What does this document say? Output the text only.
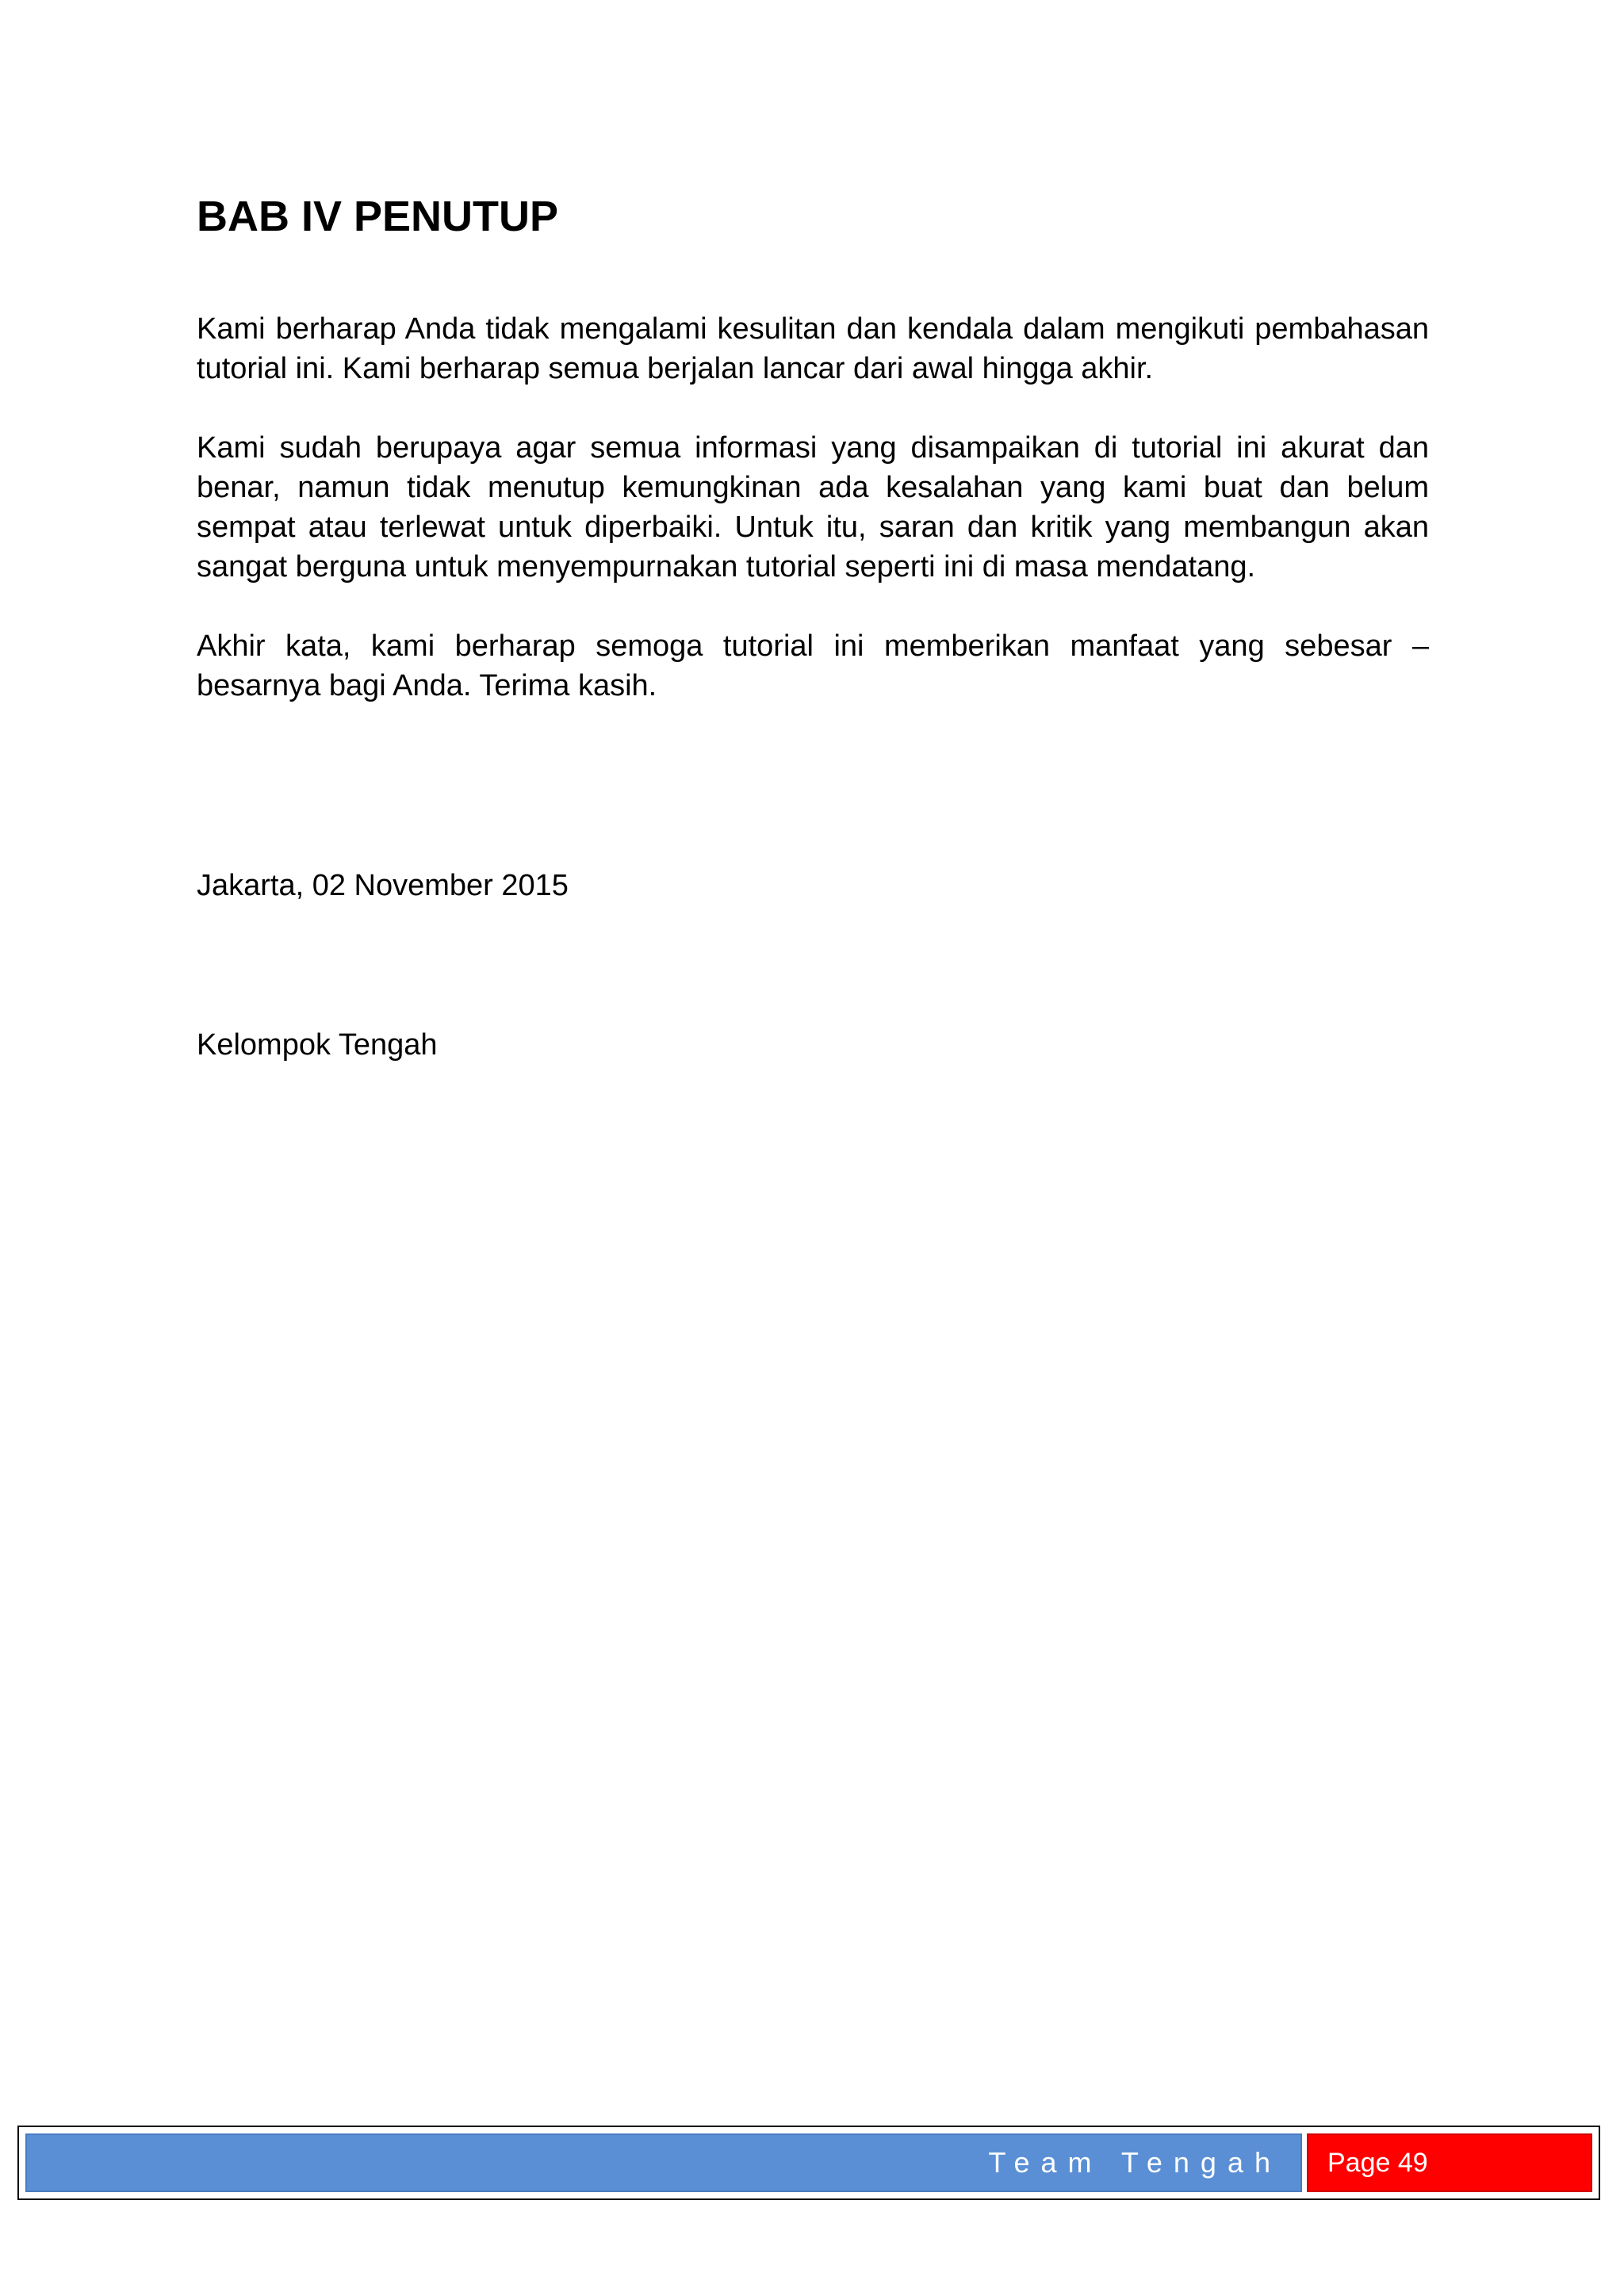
BAB IV PENUTUP

Kami berharap Anda tidak mengalami kesulitan dan kendala dalam mengikuti pembahasan tutorial ini. Kami berharap semua berjalan lancar dari awal hingga akhir.

Kami sudah berupaya agar semua informasi yang disampaikan di tutorial ini akurat dan benar, namun tidak menutup kemungkinan ada kesalahan yang kami buat dan belum sempat atau terlewat untuk diperbaiki. Untuk itu, saran dan kritik yang membangun akan sangat berguna untuk menyempurnakan tutorial seperti ini di masa mendatang.

Akhir kata, kami berharap semoga tutorial ini memberikan manfaat yang sebesar – besarnya bagi Anda. Terima kasih.

Jakarta, 02 November 2015

Kelompok Tengah

Team Tengah	Page 49
